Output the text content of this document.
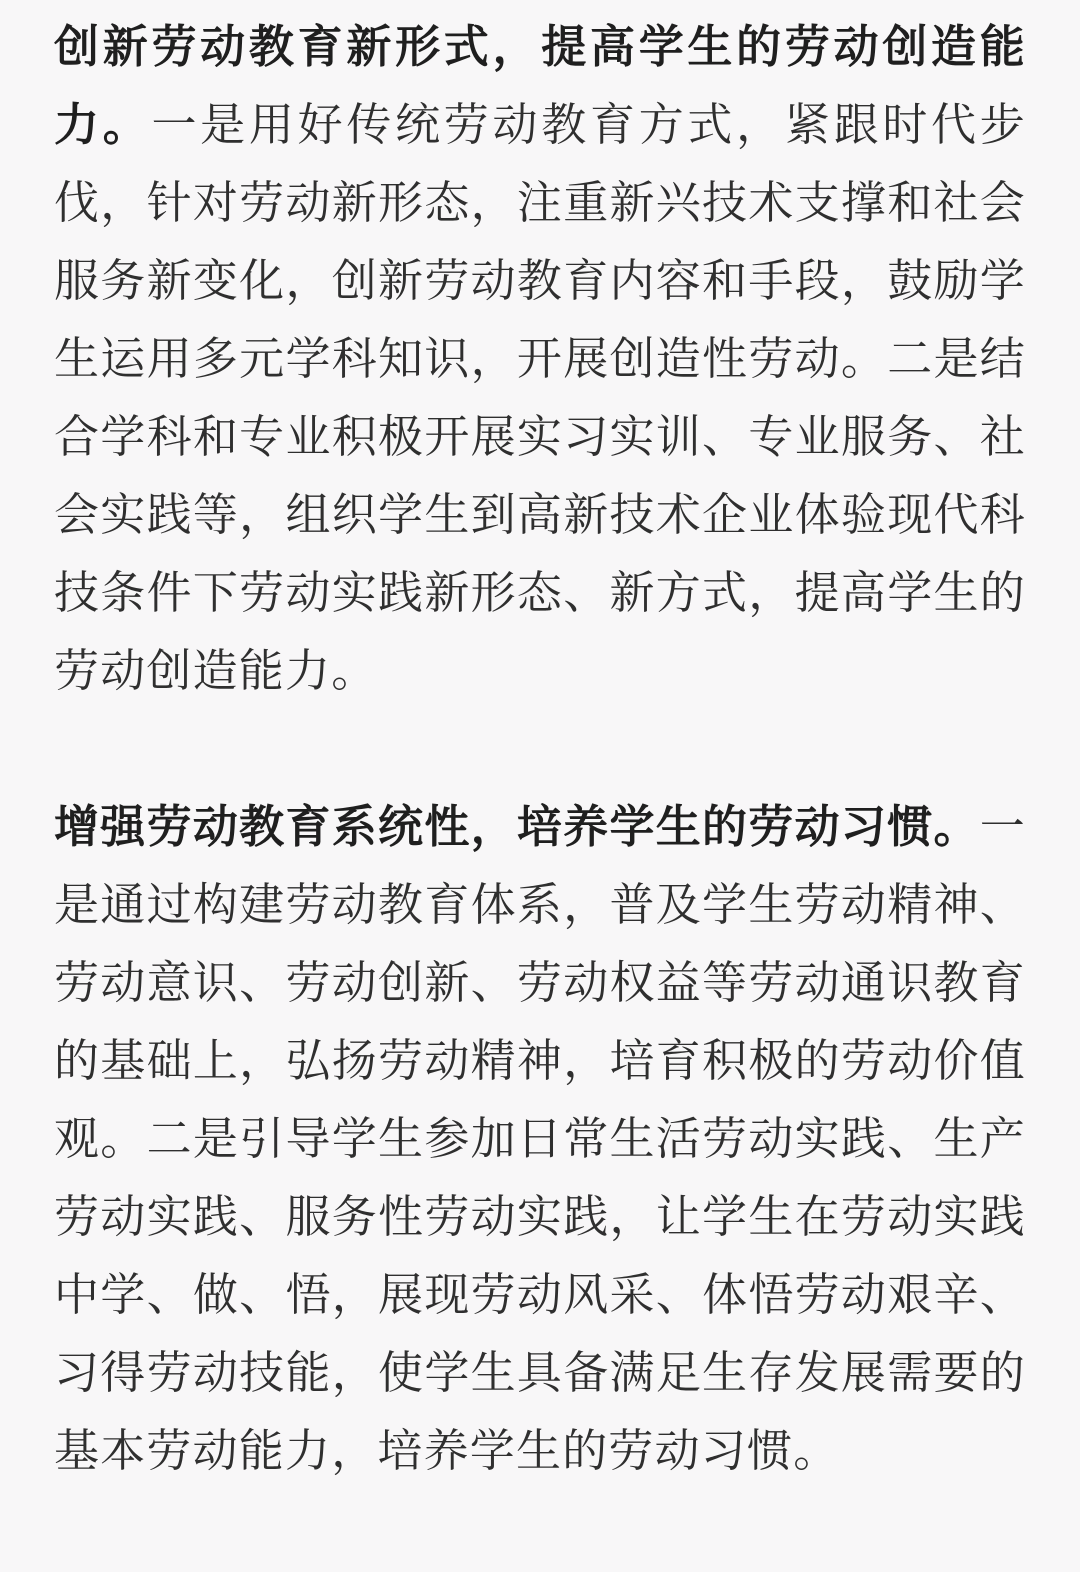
创新劳动教育新形式，提高学生的劳动创造能力。一是用好传统劳动教育方式，紧跟时代步伐，针对劳动新形态，注重新兴技术支撑和社会服务新变化，创新劳动教育内容和手段，鼓励学生运用多元学科知识，开展创造性劳动。二是结合学科和专业积极开展实习实训、专业服务、社会实践等，组织学生到高新技术企业体验现代科技条件下劳动实践新形态、新方式，提高学生的劳动创造能力。

增强劳动教育系统性，培养学生的劳动习惯。一是通过构建劳动教育体系，普及学生劳动精神、劳动意识、劳动创新、劳动权益等劳动通识教育的基础上，弘扬劳动精神，培育积极的劳动价值观。二是引导学生参加日常生活劳动实践、生产劳动实践、服务性劳动实践，让学生在劳动实践中学、做、悟，展现劳动风采、体悟劳动艰辛、习得劳动技能，使学生具备满足生存发展需要的基本劳动能力，培养学生的劳动习惯。
